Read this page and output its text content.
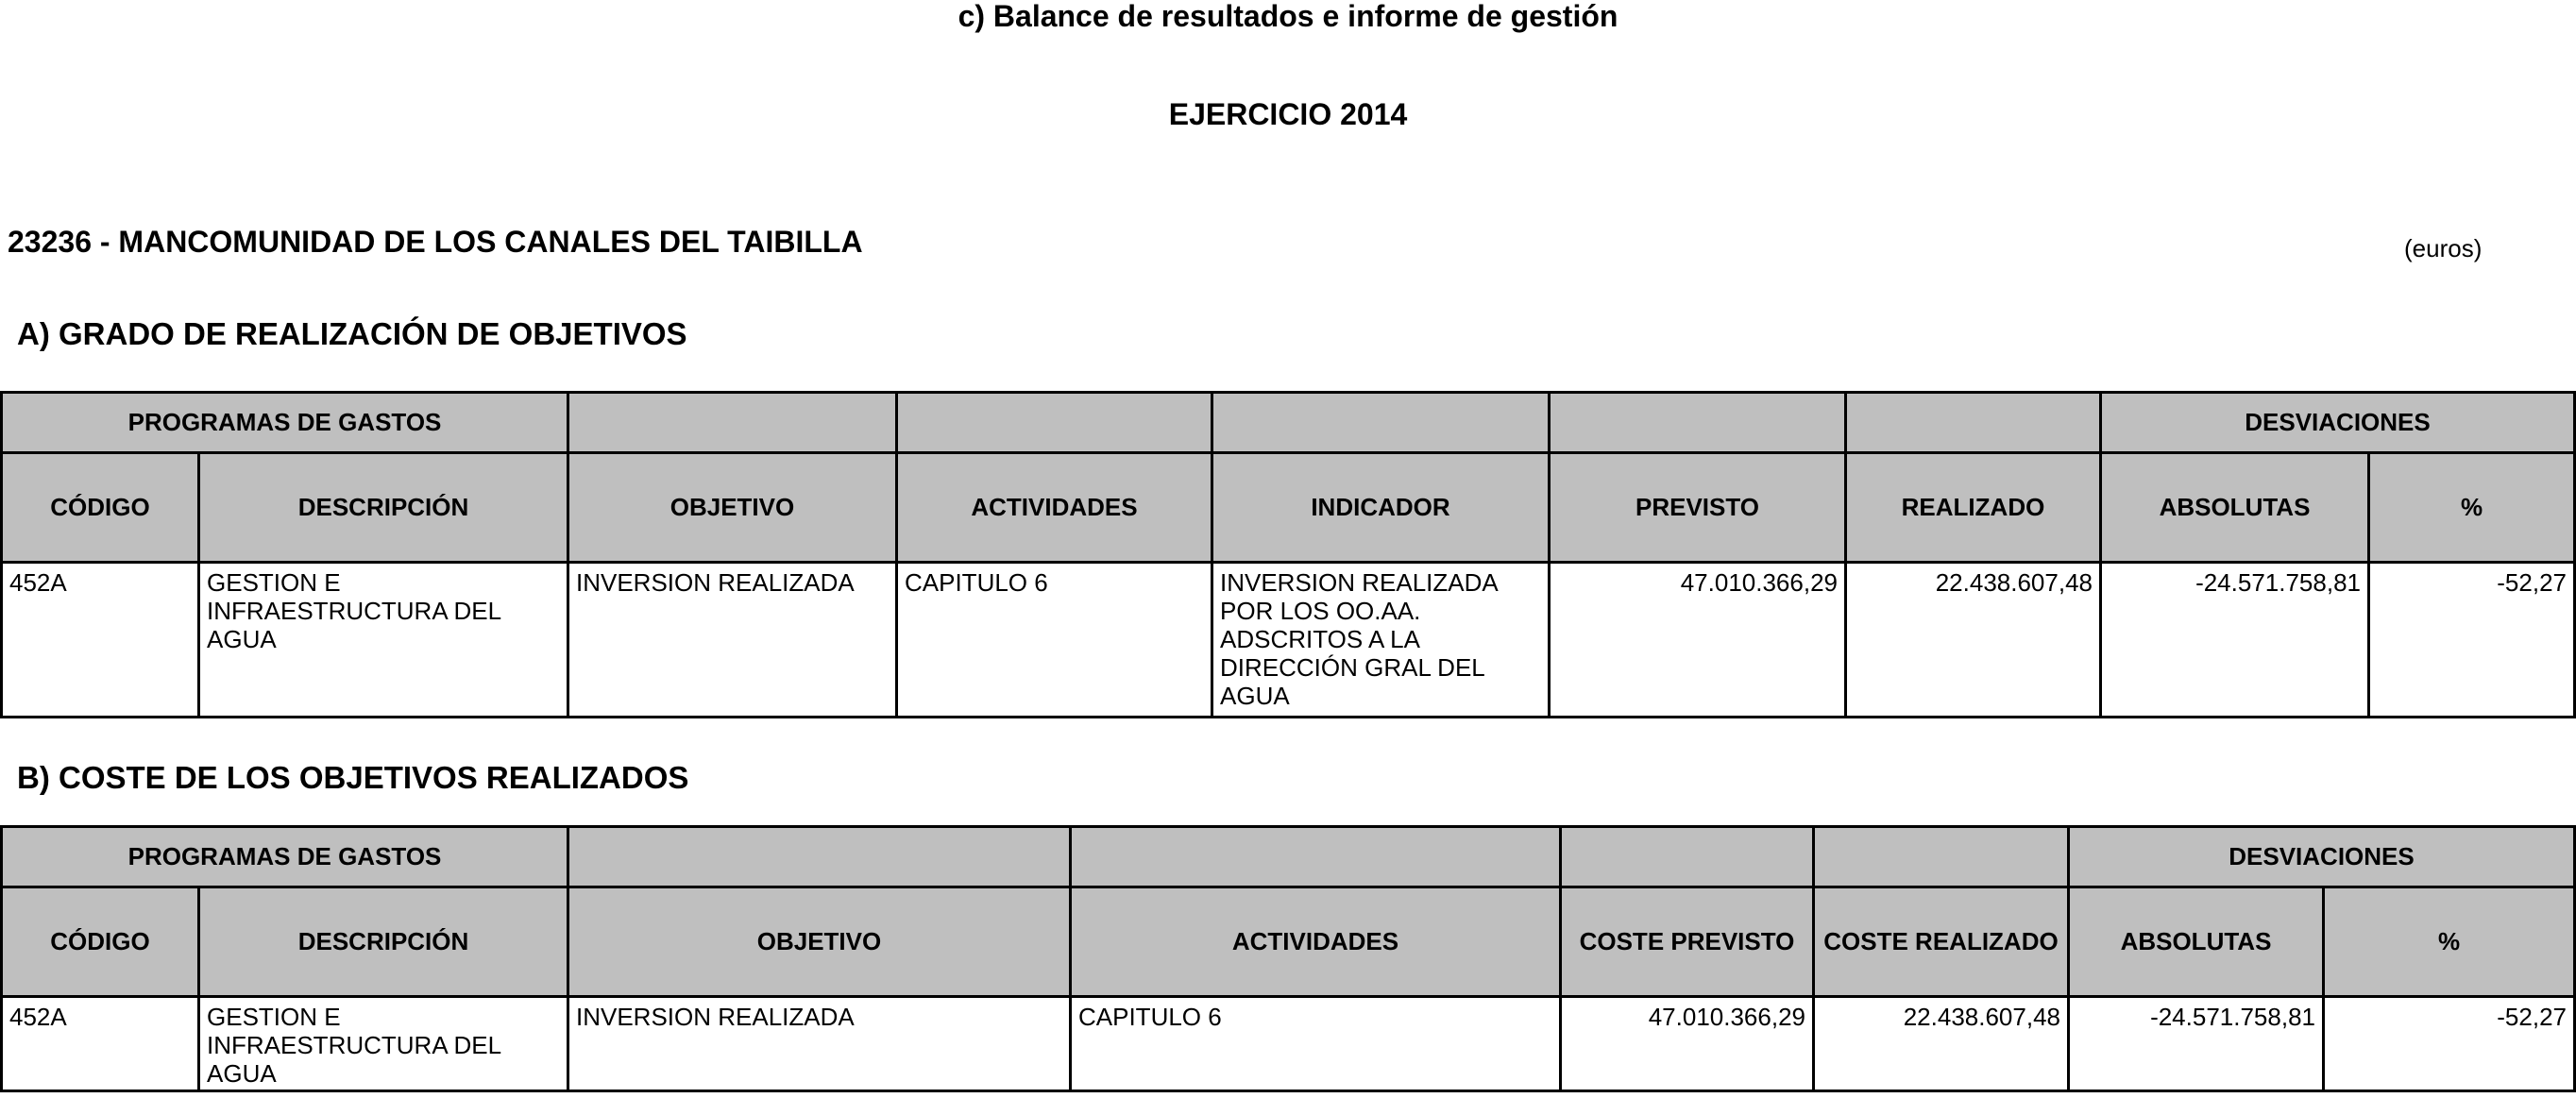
c) Balance de resultados e informe de gestión
EJERCICIO 2014
23236 - MANCOMUNIDAD DE LOS CANALES DEL TAIBILLA	(euros)
A) GRADO DE REALIZACIÓN DE OBJETIVOS
PROGRAMAS DE GASTOS							DESVIACIONES	
CÓDIGO	DESCRIPCIÓN	OBJETIVO	ACTIVIDADES	INDICADOR	PREVISTO	REALIZADO	ABSOLUTAS	%
452A	GESTION E INFRAESTRUCTURA DEL AGUA	INVERSION REALIZADA	CAPITULO 6	INVERSION REALIZADA POR LOS OO.AA. ADSCRITOS A LA DIRECCIÓN GRAL DEL AGUA	47.010.366,29	22.438.607,48	-24.571.758,81	-52,27
B) COSTE DE LOS OBJETIVOS REALIZADOS
PROGRAMAS DE GASTOS						DESVIACIONES	
CÓDIGO	DESCRIPCIÓN	OBJETIVO	ACTIVIDADES	COSTE PREVISTO	COSTE REALIZADO	ABSOLUTAS	%
452A	GESTION E INFRAESTRUCTURA DEL AGUA	INVERSION REALIZADA	CAPITULO 6	47.010.366,29	22.438.607,48	-24.571.758,81	-52,27
